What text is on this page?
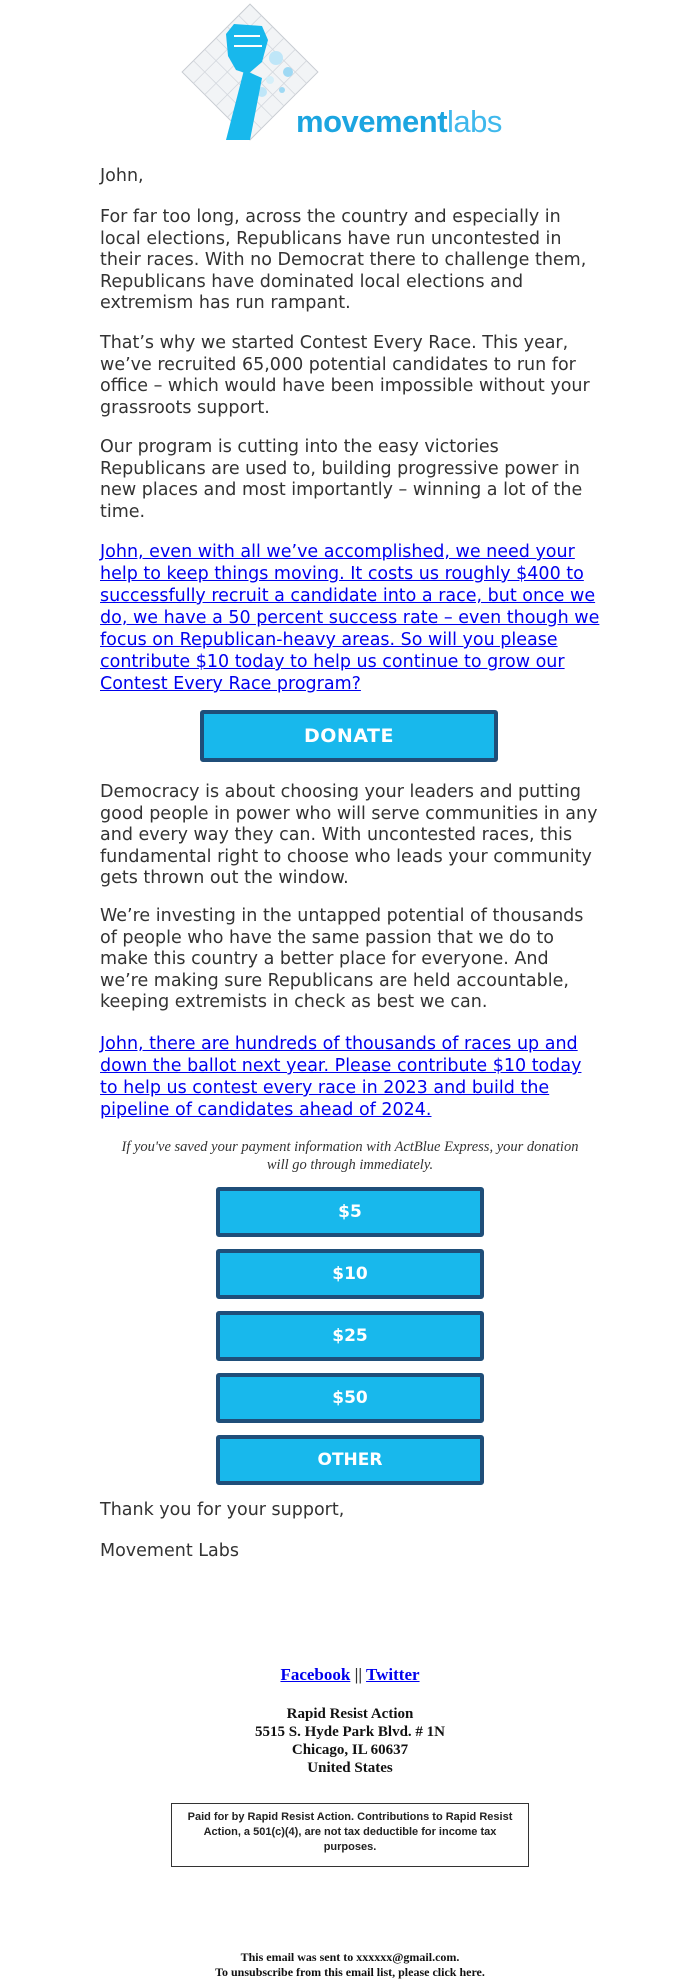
movementlabs
John,
For far too long, across the country and especially in local elections, Republicans have run uncontested in their races. With no Democrat there to challenge them, Republicans have dominated local elections and extremism has run rampant.
That’s why we started Contest Every Race. This year, we’ve recruited 65,000 potential candidates to run for office – which would have been impossible without your grassroots support.
Our program is cutting into the easy victories Republicans are used to, building progressive power in new places and most importantly – winning a lot of the time.
John, even with all we’ve accomplished, we need your help to keep things moving. It costs us roughly $400 to successfully recruit a candidate into a race, but once we do, we have a 50 percent success rate – even though we focus on Republican-heavy areas. So will you please contribute $10 today to help us continue to grow our Contest Every Race program?
DONATE
Democracy is about choosing your leaders and putting good people in power who will serve communities in any and every way they can. With uncontested races, this fundamental right to choose who leads your community gets thrown out the window.
We’re investing in the untapped potential of thousands of people who have the same passion that we do to make this country a better place for everyone. And we’re making sure Republicans are held accountable, keeping extremists in check as best we can.
John, there are hundreds of thousands of races up and down the ballot next year. Please contribute $10 today to help us contest every race in 2023 and build the pipeline of candidates ahead of 2024.
If you've saved your payment information with ActBlue Express, your donation will go through immediately.
$5
$10
$25
$50
OTHER
Thank you for your support,
Movement Labs
Facebook || Twitter
Rapid Resist Action
5515 S. Hyde Park Blvd. # 1N
Chicago, IL 60637
United States
Paid for by Rapid Resist Action. Contributions to Rapid Resist Action, a 501(c)(4), are not tax deductible for income tax purposes.
This email was sent to xxxxxx@gmail.com.
To unsubscribe from this email list, please click here.
